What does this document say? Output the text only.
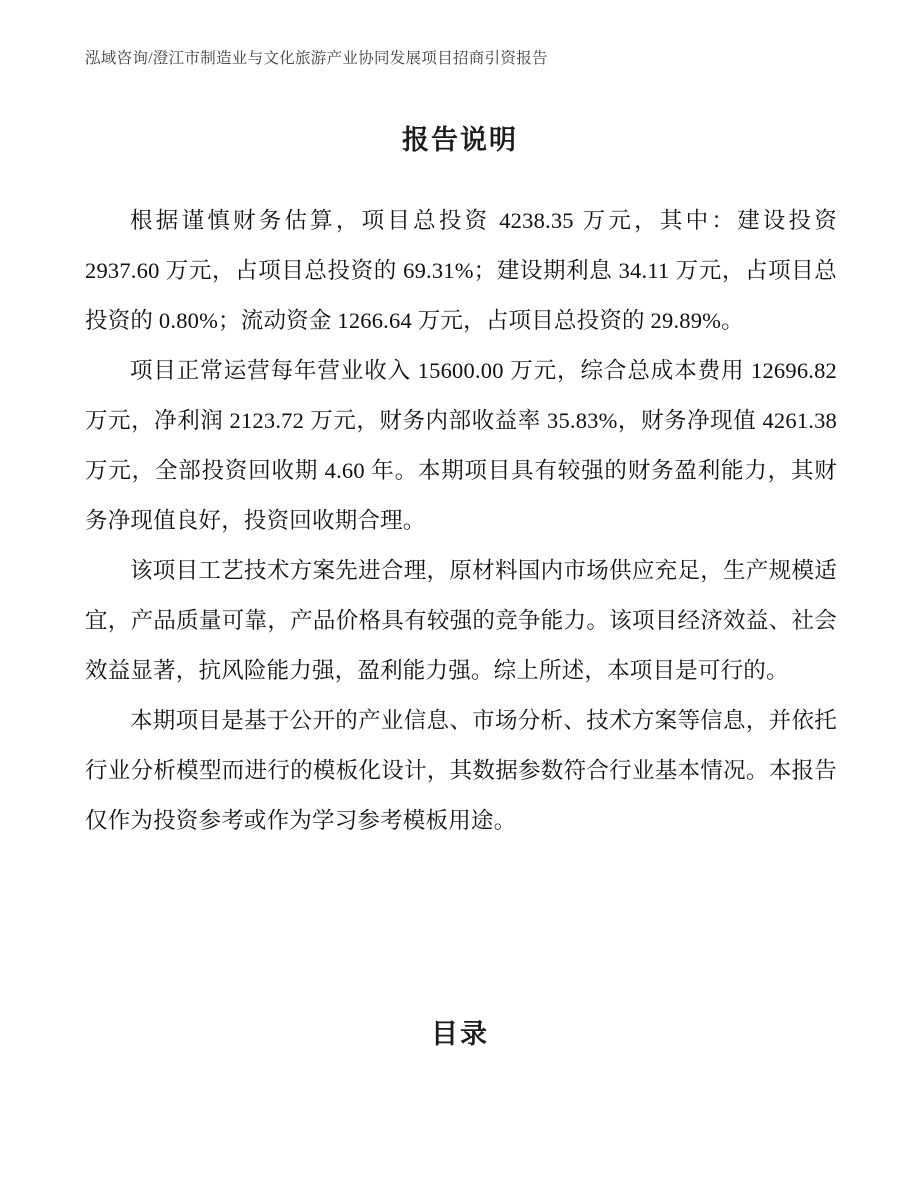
泓域咨询/澄江市制造业与文化旅游产业协同发展项目招商引资报告
报告说明

根据谨慎财务估算，项目总投资 4238.35 万元，其中：建设投资 2937.60 万元，占项目总投资的 69.31%；建设期利息 34.11 万元，占项目总投资的 0.80%；流动资金 1266.64 万元，占项目总投资的 29.89%。

项目正常运营每年营业收入 15600.00 万元，综合总成本费用 12696.82 万元，净利润 2123.72 万元，财务内部收益率 35.83%，财务净现值 4261.38 万元，全部投资回收期 4.60 年。本期项目具有较强的财务盈利能力，其财务净现值良好，投资回收期合理。

该项目工艺技术方案先进合理，原材料国内市场供应充足，生产规模适宜，产品质量可靠，产品价格具有较强的竞争能力。该项目经济效益、社会效益显著，抗风险能力强，盈利能力强。综上所述，本项目是可行的。

本期项目是基于公开的产业信息、市场分析、技术方案等信息，并依托行业分析模型而进行的模板化设计，其数据参数符合行业基本情况。本报告仅作为投资参考或作为学习参考模板用途。

目录
